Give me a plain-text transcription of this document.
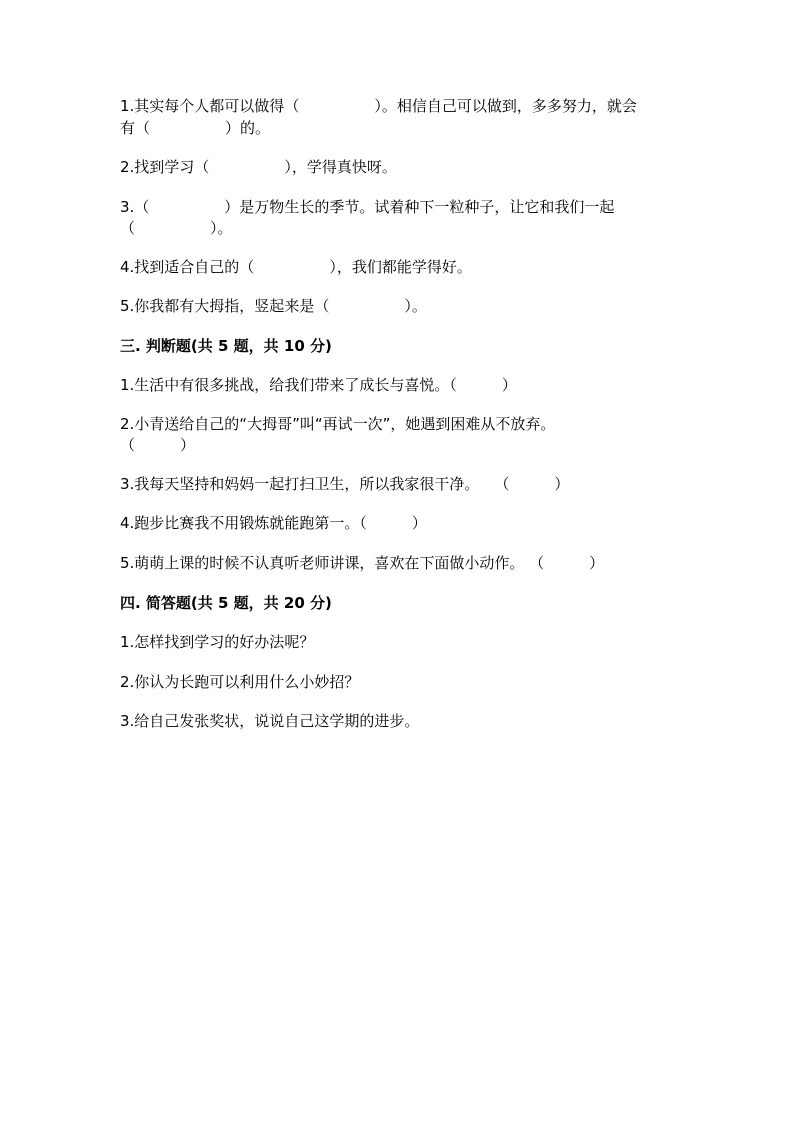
1.其实每个人都可以做得（　　　　　）。相信自己可以做到，多多努力，就会
有（　　　　　）的。
2.找到学习（　　　　　），学得真快呀。
3.（　　　　　）是万物生长的季节。试着种下一粒种子，让它和我们一起
（　　　　　）。
4.找到适合自己的（　　　　　），我们都能学得好。
5.你我都有大拇指，竖起来是（　　　　　）。
三. 判断题(共 5 题，共 10 分)
1.生活中有很多挑战，给我们带来了成长与喜悦。（　　　）
2.小青送给自己的“大拇哥”叫“再试一次”，她遇到困难从不放弃。
（　　　）
3.我每天坚持和妈妈一起打扫卫生，所以我家很干净。　　（　　　）
4.跑步比赛我不用锻炼就能跑第一。（　　　）
5.萌萌上课的时候不认真听老师讲课，喜欢在下面做小动作。 （　　　）
四. 简答题(共 5 题，共 20 分)
1.怎样找到学习的好办法呢？
2.你认为长跑可以利用什么小妙招？
3.给自己发张奖状，说说自己这学期的进步。
